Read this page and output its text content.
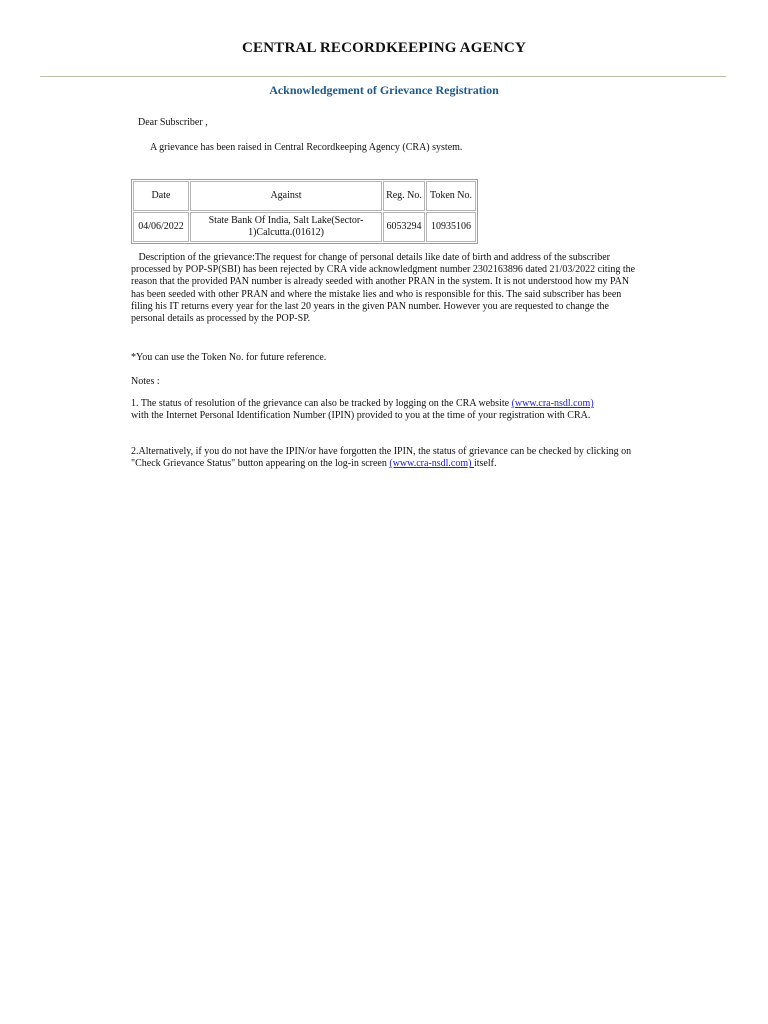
CENTRAL RECORDKEEPING AGENCY
Acknowledgement of Grievance Registration
Dear Subscriber ,
A grievance has been raised in Central Recordkeeping Agency (CRA) system.
Date	Against	Reg. No.	Token No.
04/06/2022	State Bank Of India, Salt Lake(Sector-1)Calcutta.(01612)	6053294	10935106
Description of the grievance:The request for change of personal details like date of birth and address of the subscriber processed by POP-SP(SBI) has been rejected by CRA vide acknowledgment number 2302163896 dated 21/03/2022 citing the reason that the provided PAN number is already seeded with another PRAN in the system. It is not understood how my PAN has been seeded with other PRAN and where the mistake lies and who is responsible for this. The said subscriber has been filing his IT returns every year for the last 20 years in the given PAN number. However you are requested to change the personal details as processed by the POP-SP.
*You can use the Token No. for future reference.
Notes :
1. The status of resolution of the grievance can also be tracked by logging on the CRA website (www.cra-nsdl.com) with the Internet Personal Identification Number (IPIN) provided to you at the time of your registration with CRA.
2.Alternatively, if you do not have the IPIN/or have forgotten the IPIN, the status of grievance can be checked by clicking on "Check Grievance Status" button appearing on the log-in screen (www.cra-nsdl.com) itself.
